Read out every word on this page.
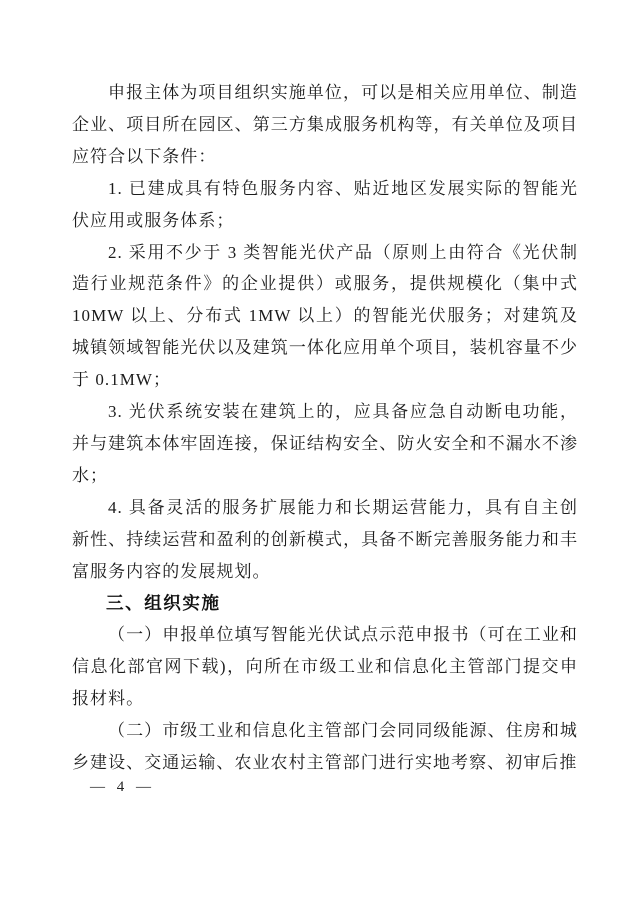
申报主体为项目组织实施单位，可以是相关应用单位、制造企业、项目所在园区、第三方集成服务机构等，有关单位及项目应符合以下条件：

1. 已建成具有特色服务内容、贴近地区发展实际的智能光伏应用或服务体系；

2. 采用不少于 3 类智能光伏产品（原则上由符合《光伏制造行业规范条件》的企业提供）或服务，提供规模化（集中式 10MW 以上、分布式 1MW 以上）的智能光伏服务；对建筑及城镇领域智能光伏以及建筑一体化应用单个项目，装机容量不少于 0.1MW；

3. 光伏系统安装在建筑上的，应具备应急自动断电功能，并与建筑本体牢固连接，保证结构安全、防火安全和不漏水不渗水；

4. 具备灵活的服务扩展能力和长期运营能力，具有自主创新性、持续运营和盈利的创新模式，具备不断完善服务能力和丰富服务内容的发展规划。

三、组织实施

（一）申报单位填写智能光伏试点示范申报书（可在工业和信息化部官网下载)，向所在市级工业和信息化主管部门提交申报材料。

（二）市级工业和信息化主管部门会同同级能源、住房和城乡建设、交通运输、农业农村主管部门进行实地考察、初审后推

— 4 —
